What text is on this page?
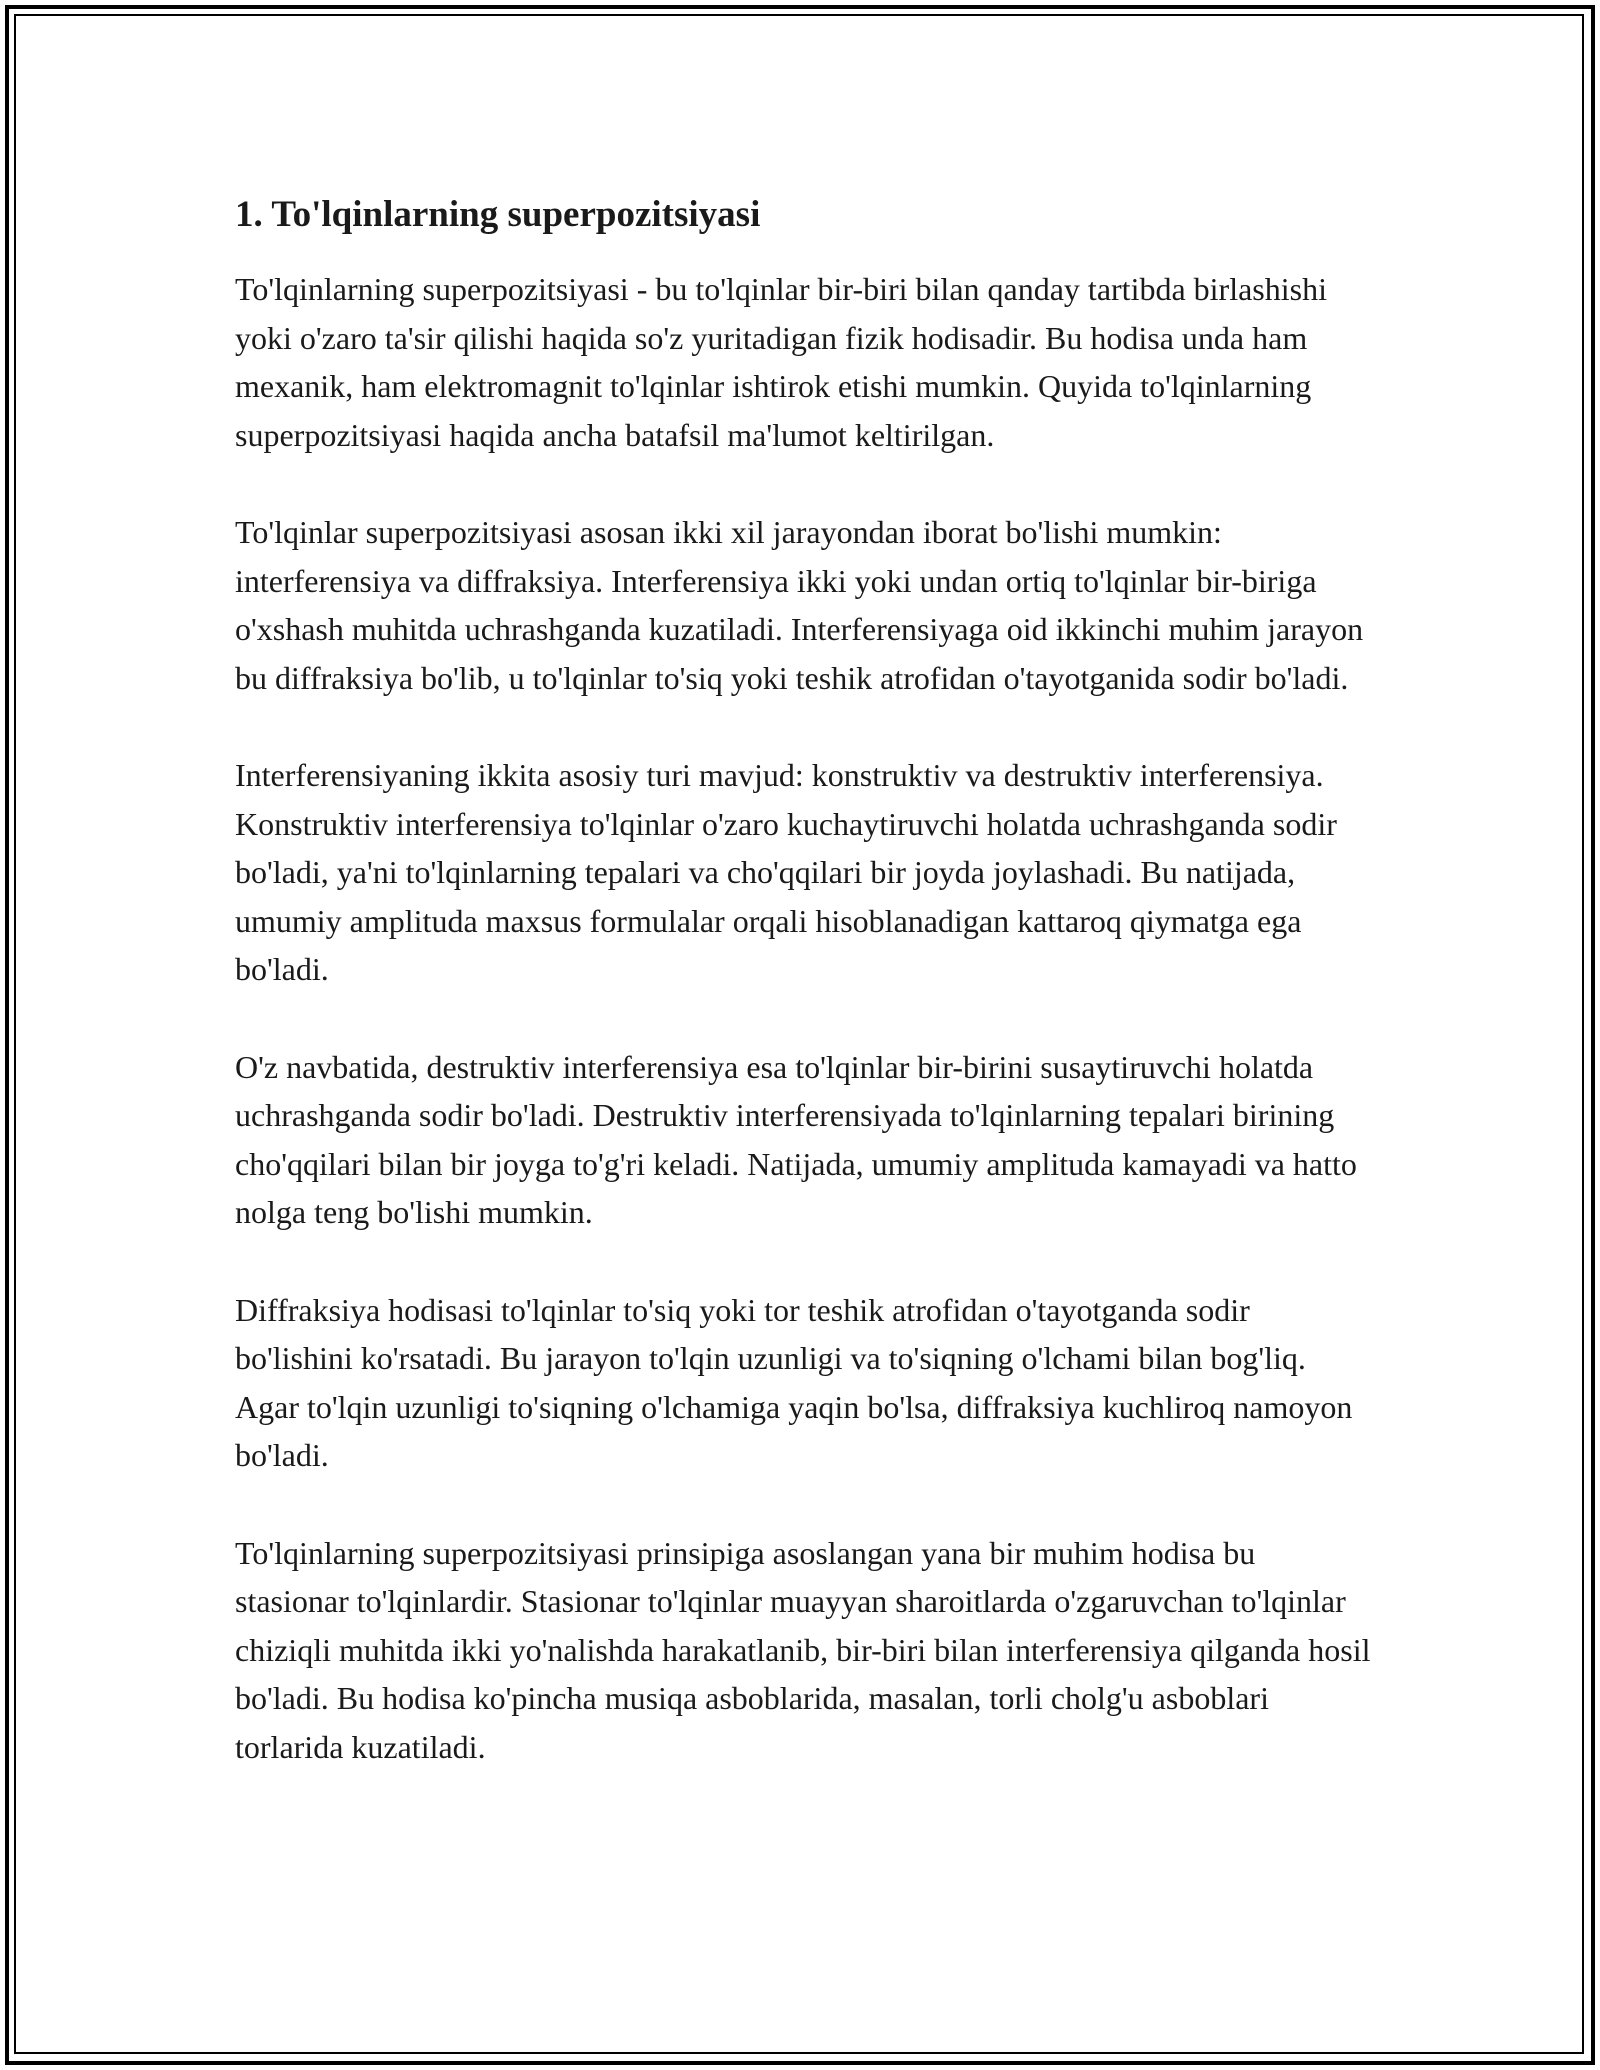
1. To'lqinlarning superpozitsiyasi

To'lqinlarning superpozitsiyasi - bu to'lqinlar bir-biri bilan qanday tartibda birlashishi yoki o'zaro ta'sir qilishi haqida so'z yuritadigan fizik hodisadir. Bu hodisa unda ham mexanik, ham elektromagnit to'lqinlar ishtirok etishi mumkin. Quyida to'lqinlarning superpozitsiyasi haqida ancha batafsil ma'lumot keltirilgan.

To'lqinlar superpozitsiyasi asosan ikki xil jarayondan iborat bo'lishi mumkin: interferensiya va diffraksiya. Interferensiya ikki yoki undan ortiq to'lqinlar bir-biriga o'xshash muhitda uchrashganda kuzatiladi. Interferensiyaga oid ikkinchi muhim jarayon bu diffraksiya bo'lib, u to'lqinlar to'siq yoki teshik atrofidan o'tayotganida sodir bo'ladi.

Interferensiyaning ikkita asosiy turi mavjud: konstruktiv va destruktiv interferensiya. Konstruktiv interferensiya to'lqinlar o'zaro kuchaytiruvchi holatda uchrashganda sodir bo'ladi, ya'ni to'lqinlarning tepalari va cho'qqilari bir joyda joylashadi. Bu natijada, umumiy amplituda maxsus formulalar orqali hisoblanadigan kattaroq qiymatga ega bo'ladi.

O'z navbatida, destruktiv interferensiya esa to'lqinlar bir-birini susaytiruvchi holatda uchrashganda sodir bo'ladi. Destruktiv interferensiyada to'lqinlarning tepalari birining cho'qqilari bilan bir joyga to'g'ri keladi. Natijada, umumiy amplituda kamayadi va hatto nolga teng bo'lishi mumkin.

Diffraksiya hodisasi to'lqinlar to'siq yoki tor teshik atrofidan o'tayotganda sodir bo'lishini ko'rsatadi. Bu jarayon to'lqin uzunligi va to'siqning o'lchami bilan bog'liq. Agar to'lqin uzunligi to'siqning o'lchamiga yaqin bo'lsa, diffraksiya kuchliroq namoyon bo'ladi.

To'lqinlarning superpozitsiyasi prinsipiga asoslangan yana bir muhim hodisa bu stasionar to'lqinlardir. Stasionar to'lqinlar muayyan sharoitlarda o'zgaruvchan to'lqinlar chiziqli muhitda ikki yo'nalishda harakatlanib, bir-biri bilan interferensiya qilganda hosil bo'ladi. Bu hodisa ko'pincha musiqa asboblarida, masalan, torli cholg'u asboblari torlarida kuzatiladi.
